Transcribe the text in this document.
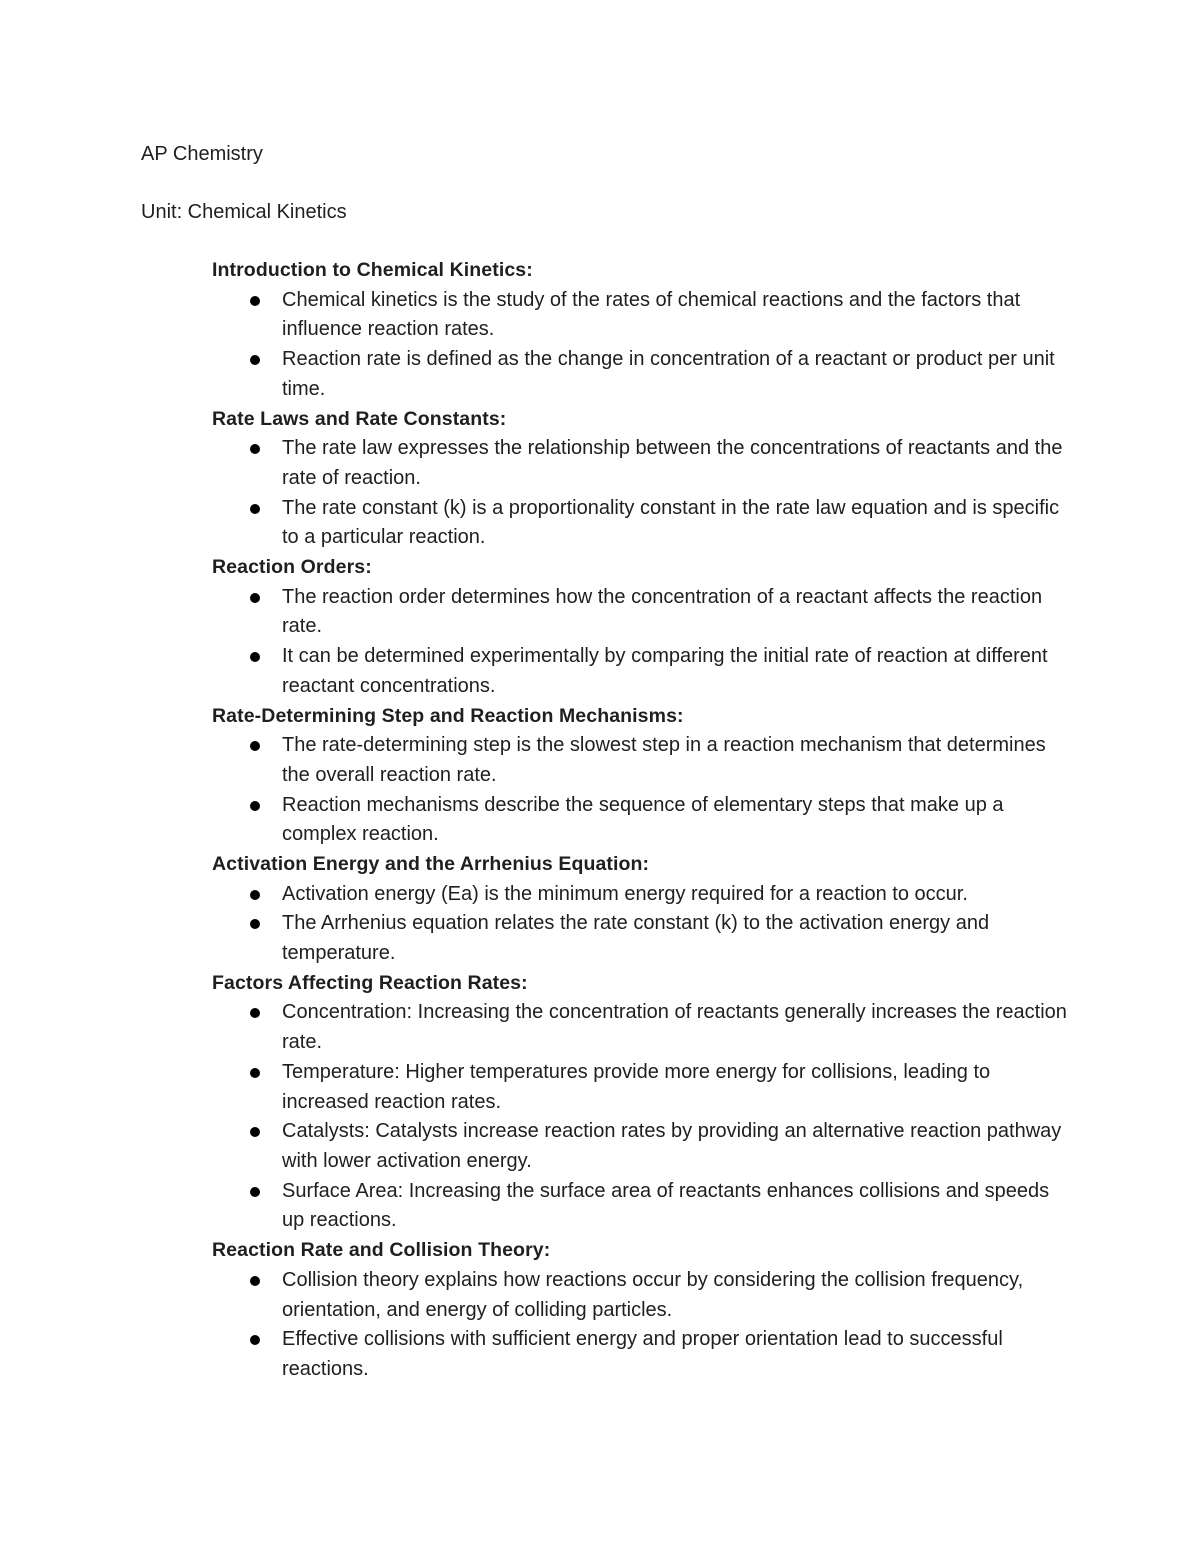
AP Chemistry

Unit: Chemical Kinetics

Introduction to Chemical Kinetics:
Chemical kinetics is the study of the rates of chemical reactions and the factors that influence reaction rates.
Reaction rate is defined as the change in concentration of a reactant or product per unit time.
Rate Laws and Rate Constants:
The rate law expresses the relationship between the concentrations of reactants and the rate of reaction.
The rate constant (k) is a proportionality constant in the rate law equation and is specific to a particular reaction.
Reaction Orders:
The reaction order determines how the concentration of a reactant affects the reaction rate.
It can be determined experimentally by comparing the initial rate of reaction at different reactant concentrations.
Rate-Determining Step and Reaction Mechanisms:
The rate-determining step is the slowest step in a reaction mechanism that determines the overall reaction rate.
Reaction mechanisms describe the sequence of elementary steps that make up a complex reaction.
Activation Energy and the Arrhenius Equation:
Activation energy (Ea) is the minimum energy required for a reaction to occur.
The Arrhenius equation relates the rate constant (k) to the activation energy and temperature.
Factors Affecting Reaction Rates:
Concentration: Increasing the concentration of reactants generally increases the reaction rate.
Temperature: Higher temperatures provide more energy for collisions, leading to increased reaction rates.
Catalysts: Catalysts increase reaction rates by providing an alternative reaction pathway with lower activation energy.
Surface Area: Increasing the surface area of reactants enhances collisions and speeds up reactions.
Reaction Rate and Collision Theory:
Collision theory explains how reactions occur by considering the collision frequency, orientation, and energy of colliding particles.
Effective collisions with sufficient energy and proper orientation lead to successful reactions.
